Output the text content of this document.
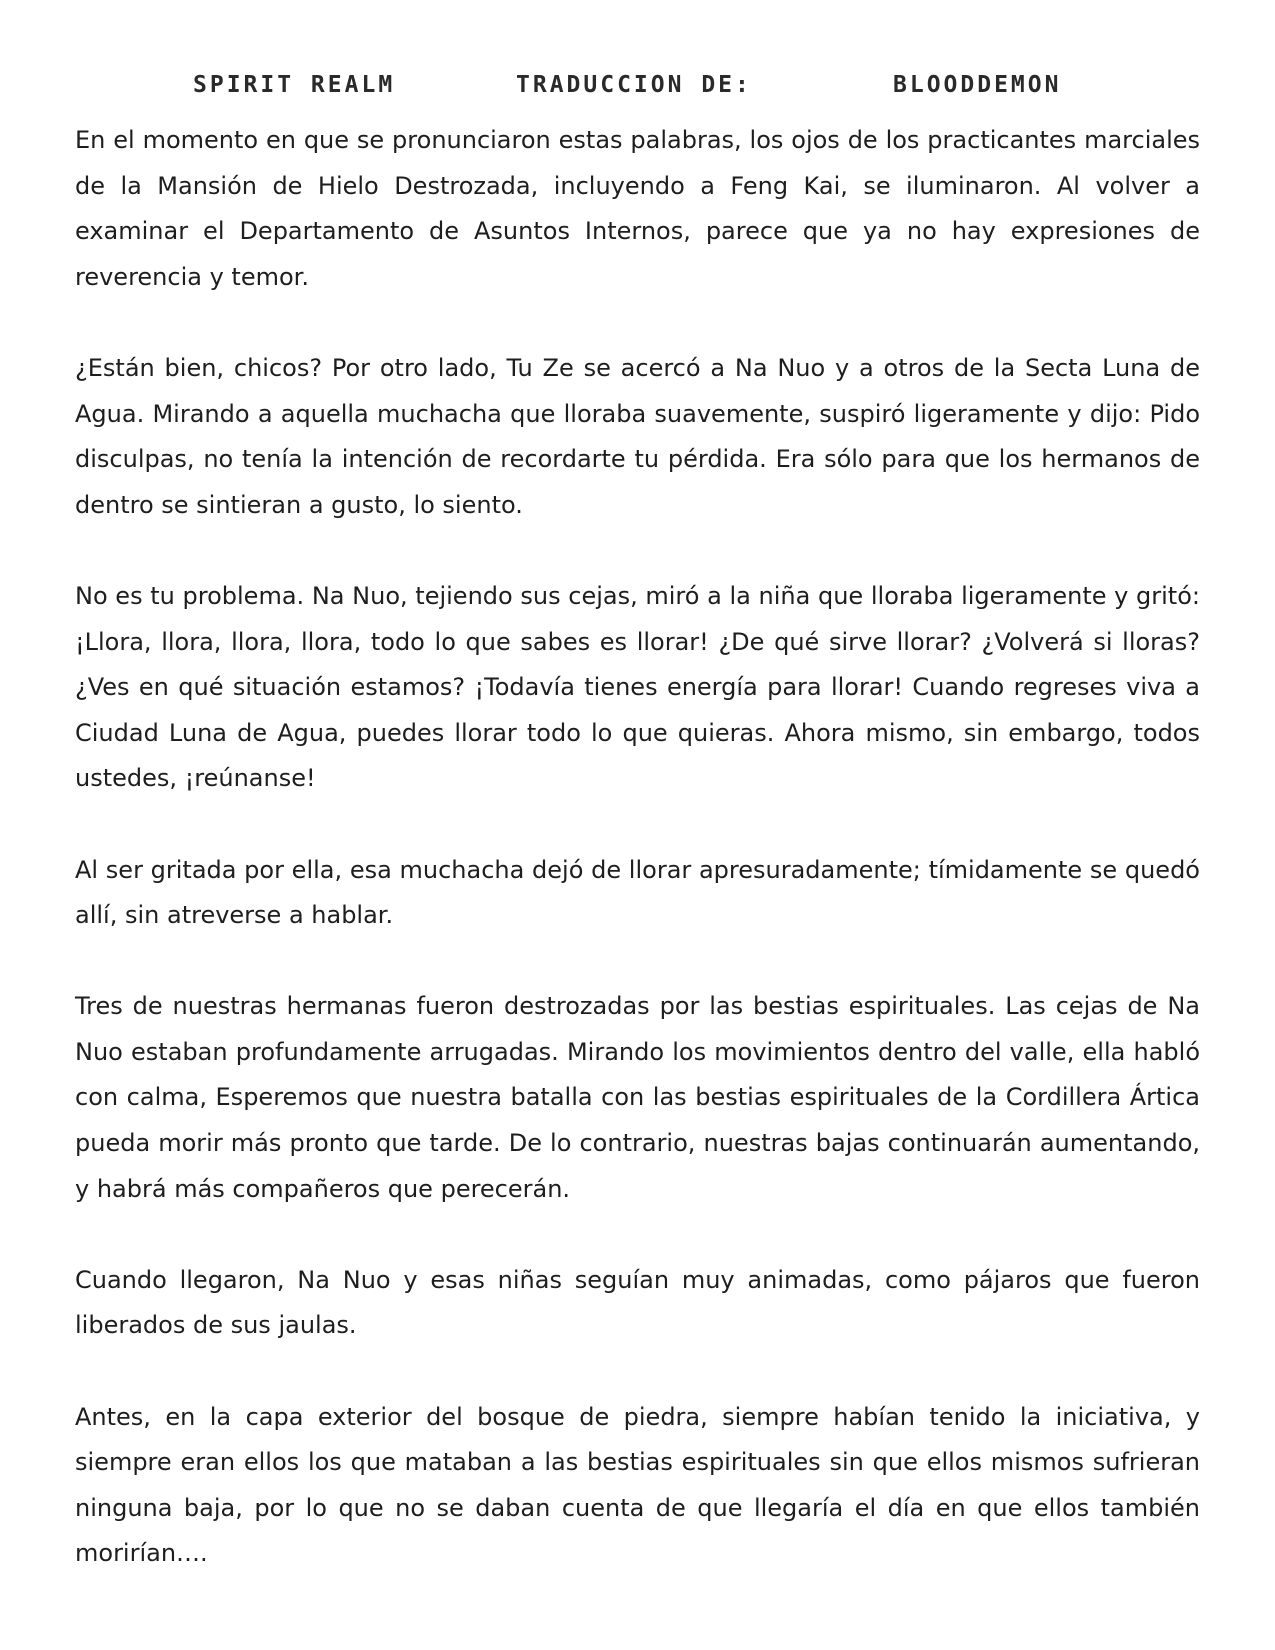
SPIRIT REALM	TRADUCCION DE:	BLOODDEMON

En el momento en que se pronunciaron estas palabras, los ojos de los practicantes marciales de la Mansión de Hielo Destrozada, incluyendo a Feng Kai, se iluminaron. Al volver a examinar el Departamento de Asuntos Internos, parece que ya no hay expresiones de reverencia y temor.

¿Están bien, chicos? Por otro lado, Tu Ze se acercó a Na Nuo y a otros de la Secta Luna de Agua. Mirando a aquella muchacha que lloraba suavemente, suspiró ligeramente y dijo: Pido disculpas, no tenía la intención de recordarte tu pérdida. Era sólo para que los hermanos de dentro se sintieran a gusto, lo siento.

No es tu problema. Na Nuo, tejiendo sus cejas, miró a la niña que lloraba ligeramente y gritó: ¡Llora, llora, llora, llora, todo lo que sabes es llorar! ¿De qué sirve llorar? ¿Volverá si lloras? ¿Ves en qué situación estamos? ¡Todavía tienes energía para llorar! Cuando regreses viva a Ciudad Luna de Agua, puedes llorar todo lo que quieras. Ahora mismo, sin embargo, todos ustedes, ¡reúnanse!

Al ser gritada por ella, esa muchacha dejó de llorar apresuradamente; tímidamente se quedó allí, sin atreverse a hablar.

Tres de nuestras hermanas fueron destrozadas por las bestias espirituales. Las cejas de Na Nuo estaban profundamente arrugadas. Mirando los movimientos dentro del valle, ella habló con calma, Esperemos que nuestra batalla con las bestias espirituales de la Cordillera Ártica pueda morir más pronto que tarde. De lo contrario, nuestras bajas continuarán aumentando, y habrá más compañeros que perecerán.

Cuando llegaron, Na Nuo y esas niñas seguían muy animadas, como pájaros que fueron liberados de sus jaulas.

Antes, en la capa exterior del bosque de piedra, siempre habían tenido la iniciativa, y siempre eran ellos los que mataban a las bestias espirituales sin que ellos mismos sufrieran ninguna baja, por lo que no se daban cuenta de que llegaría el día en que ellos también morirían….
